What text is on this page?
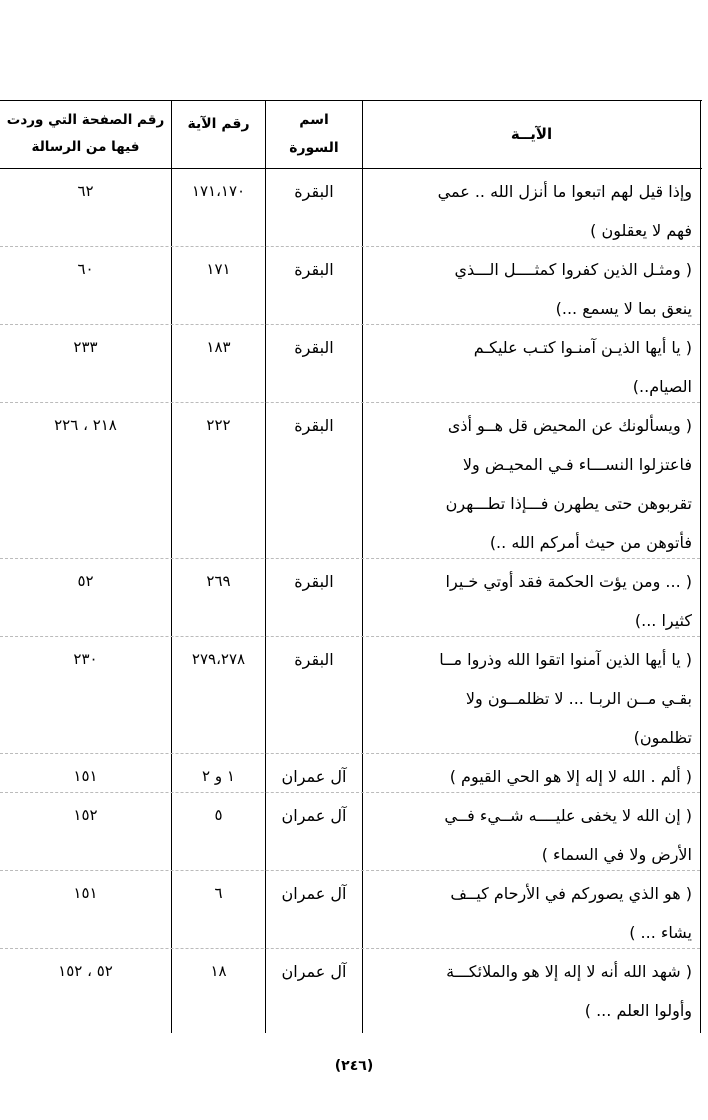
الآيــة
اسم
السورة
رقم الآية
رقم الصفحة التي وردت
فيها من الرسالة
وإذا قيل لهم اتبعوا ما أنزل الله .. عمي
فهم لا يعقلون )
البقرة
١٧١،١٧٠
٦٢
( ومثـل الذين كفروا كمثــــل الـــذي
ينعق بما لا يسمع ...)
البقرة
١٧١
٦٠
( يا أيها الذيـن آمنـوا كتـب عليكـم
الصيام..)
البقرة
١٨٣
٢٣٣
( ويسألونك عن المحيض قل هــو أذى
فاعتزلوا النســـاء فـي المحيـض ولا
تقربوهن حتى يطهرن فـــإذا تطـــهرن
فأتوهن من حيث أمركم الله ..)
البقرة
٢٢٢
٢١٨ ، ٢٢٦
( ... ومن يؤت الحكمة فقد أوتي خـيرا
كثيرا ...)
البقرة
٢٦٩
٥٢
( يا أيها الذين آمنوا اتقوا الله وذروا مــا
بقـي مــن الربـا ... لا تظلمــون ولا
تظلمون)
البقرة
٢٧٩،٢٧٨
٢٣٠
( ألم . الله لا إله إلا هو الحي القيوم )
آل عمران
١ و ٢
١٥١
( إن الله لا يخفى عليــــه شــيء فــي
الأرض ولا في السماء )
آل عمران
٥
١٥٢
( هو الذي يصوركم في الأرحام كيــف
يشاء ... )
آل عمران
٦
١٥١
( شهد الله أنه لا إله إلا هو والملائكـــة
وأولوا العلم ... )
آل عمران
١٨
٥٢ ، ١٥٢
(٢٤٦)
